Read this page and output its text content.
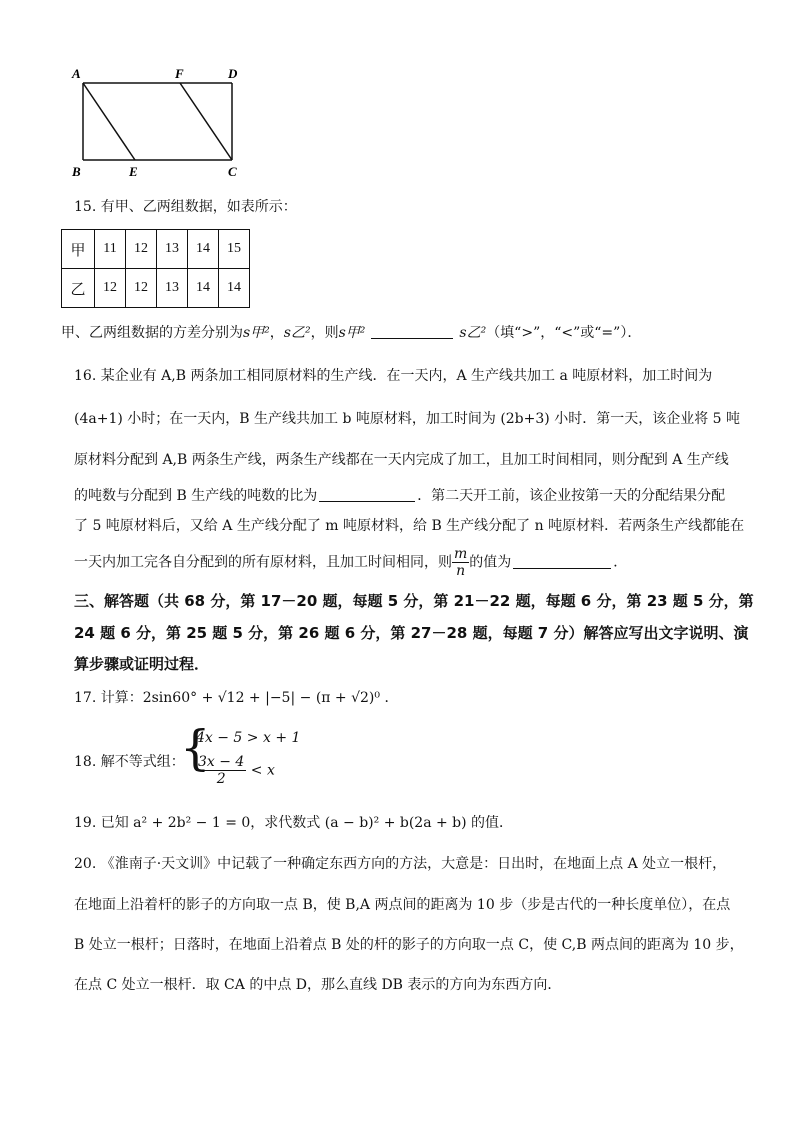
A	F	D
B	E	C
15. 有甲、乙两组数据，如表所示：
甲	11	12	13	14	15
乙	12	12	13	14	14
甲、乙两组数据的方差分别为s甲²，s乙²，则s甲²	s乙²（填“>”，“<”或“=”）．
16. 某企业有 A,B 两条加工相同原材料的生产线．在一天内，A 生产线共加工 a 吨原材料，加工时间为
(4a+1) 小时；在一天内，B 生产线共加工 b 吨原材料，加工时间为 (2b+3) 小时．第一天，该企业将 5 吨
原材料分配到 A,B 两条生产线，两条生产线都在一天内完成了加工，且加工时间相同，则分配到 A 生产线
的吨数与分配到 B 生产线的吨数的比为	．第二天开工前，该企业按第一天的分配结果分配
了 5 吨原材料后，又给 A 生产线分配了 m 吨原材料，给 B 生产线分配了 n 吨原材料．若两条生产线都能在
一天内加工完各自分配到的所有原材料，且加工时间相同，则 $\frac{m}{n}$ 的值为	．
三、解答题（共 68 分，第 17－20 题，每题 5 分，第 21－22 题，每题 6 分，第 23 题 5 分，第
24 题 6 分，第 25 题 5 分，第 26 题 6 分，第 27－28 题，每题 7 分）解答应写出文字说明、演
算步骤或证明过程．
17. 计算：2sin60° + √12 + |−5| − (π + √2)⁰ ．
18. 解不等式组：
{
4x − 5 > x + 1
$\frac{3x - 4}{2} < x$
19. 已知 a² + 2b² − 1 = 0，求代数式 (a − b)² + b(2a + b) 的值．
20. 《淮南子·天文训》中记载了一种确定东西方向的方法，大意是：日出时，在地面上点 A 处立一根杆，
在地面上沿着杆的影子的方向取一点 B，使 B,A 两点间的距离为 10 步（步是古代的一种长度单位），在点
B 处立一根杆；日落时，在地面上沿着点 B 处的杆的影子的方向取一点 C，使 C,B 两点间的距离为 10 步，
在点 C 处立一根杆．取 CA 的中点 D，那么直线 DB 表示的方向为东西方向．
